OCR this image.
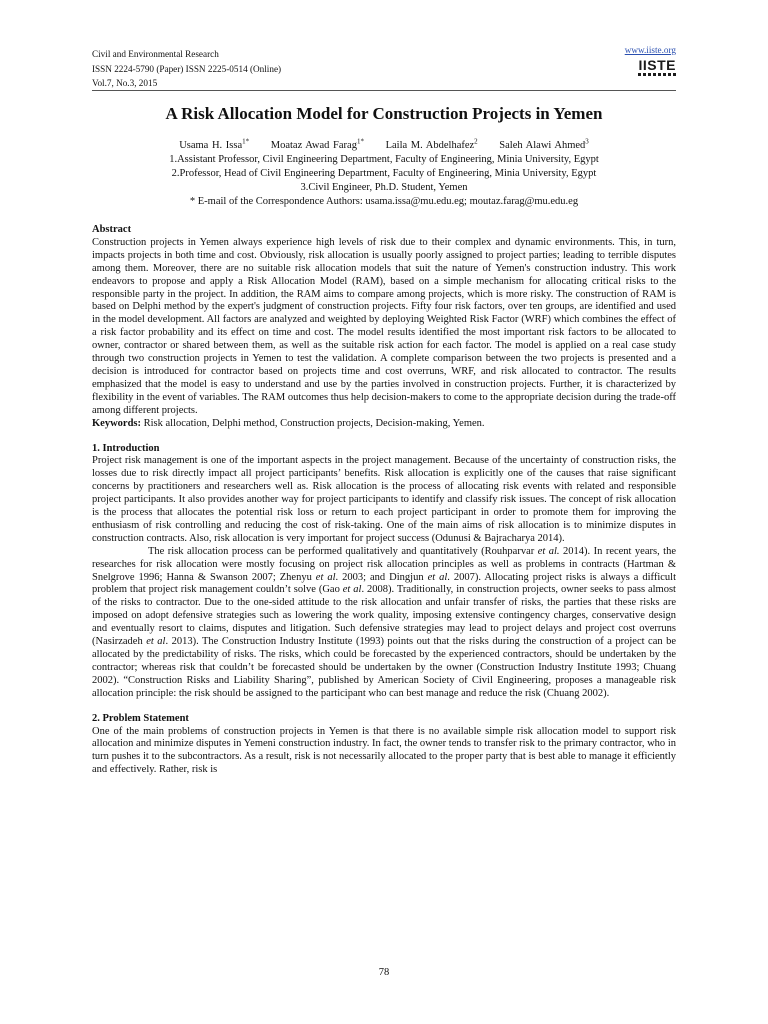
Civil and Environmental Research
ISSN 2224-5790 (Paper) ISSN 2225-0514 (Online)
Vol.7, No.3, 2015
www.iiste.org
IISTE
A Risk Allocation Model for Construction Projects in Yemen
Usama H. Issa$^{1*}$ Moataz Awad Farag$^{1*}$ Laila M. Abdelhafez$^2$ Saleh Alawi Ahmed$^3$
1.Assistant Professor, Civil Engineering Department, Faculty of Engineering, Minia University, Egypt
2.Professor, Head of Civil Engineering Department, Faculty of Engineering, Minia University, Egypt
3.Civil Engineer, Ph.D. Student, Yemen
* E-mail of the Correspondence Authors: usama.issa@mu.edu.eg; moutaz.farag@mu.edu.eg

Abstract

Construction projects in Yemen always experience high levels of risk due to their complex and dynamic environments. This, in turn, impacts projects in both time and cost. Obviously, risk allocation is usually poorly assigned to project parties; leading to terrible disputes among them. Moreover, there are no suitable risk allocation models that suit the nature of Yemen's construction industry. This work endeavors to propose and apply a Risk Allocation Model (RAM), based on a simple mechanism for allocating critical risks to the responsible party in the project. In addition, the RAM aims to compare among projects, which is more risky. The construction of RAM is based on Delphi method by the expert's judgment of construction projects. Fifty four risk factors, over ten groups, are identified and used in the model development. All factors are analyzed and weighted by deploying Weighted Risk Factor (WRF) which combines the effect of a risk factor probability and its effect on time and cost. The model results identified the most important risk factors to be allocated to owner, contractor or shared between them, as well as the suitable risk action for each factor. The model is applied on a real case study through two construction projects in Yemen to test the validation. A complete comparison between the two projects is presented and a decision is introduced for contractor based on projects time and cost overruns, WRF, and risk allocated to contractor. The results emphasized that the model is easy to understand and use by the parties involved in construction projects. Further, it is characterized by flexibility in the event of variables. The RAM outcomes thus help decision-makers to come to the appropriate decision during the trade-off among different projects.

Keywords: Risk allocation, Delphi method, Construction projects, Decision-making, Yemen.

1. Introduction

Project risk management is one of the important aspects in the project management. Because of the uncertainty of construction risks, the losses due to risk directly impact all project participants’ benefits. Risk allocation is explicitly one of the causes that raise significant concerns by practitioners and researchers well as. Risk allocation is the process of allocating risk events with related and responsible project participants. It also provides another way for project participants to identify and classify risk issues. The concept of risk allocation is the process that allocates the potential risk loss or return to each project participant in order to promote them for improving the enthusiasm of risk controlling and reducing the cost of risk-taking. One of the main aims of risk allocation is to minimize disputes in construction contracts. Also, risk allocation is very important for project success (Odunusi & Bajracharya 2014).

The risk allocation process can be performed qualitatively and quantitatively (Rouhparvar et al. 2014). In recent years, the researches for risk allocation were mostly focusing on project risk allocation principles as well as problems in contracts (Hartman & Snelgrove 1996; Hanna & Swanson 2007; Zhenyu et al. 2003; and Dingjun et al. 2007). Allocating project risks is always a difficult problem that project risk management couldn’t solve (Gao et al. 2008). Traditionally, in construction projects, owner seeks to pass almost of the risks to contractor. Due to the one-sided attitude to the risk allocation and unfair transfer of risks, the parties that these risks are imposed on adopt defensive strategies such as lowering the work quality, imposing extensive contingency charges, conservative design and eventually resort to claims, disputes and litigation. Such defensive strategies may lead to project delays and project cost overruns (Nasirzadeh et al. 2013). The Construction Industry Institute (1993) points out that the risks during the construction of a project can be allocated by the predictability of risks. The risks, which could be forecasted by the experienced contractors, should be undertaken by the contractor; whereas risk that couldn’t be forecasted should be undertaken by the owner (Construction Industry Institute 1993; Chuang 2002). “Construction Risks and Liability Sharing”, published by American Society of Civil Engineering, proposes a manageable risk allocation principle: the risk should be assigned to the participant who can best manage and reduce the risk (Chuang 2002).

2. Problem Statement

One of the main problems of construction projects in Yemen is that there is no available simple risk allocation model to support risk allocation and minimize disputes in Yemeni construction industry. In fact, the owner tends to transfer risk to the primary contractor, who in turn pushes it to the subcontractors. As a result, risk is not necessarily allocated to the proper party that is best able to manage it efficiently and effectively. Rather, risk is

78
